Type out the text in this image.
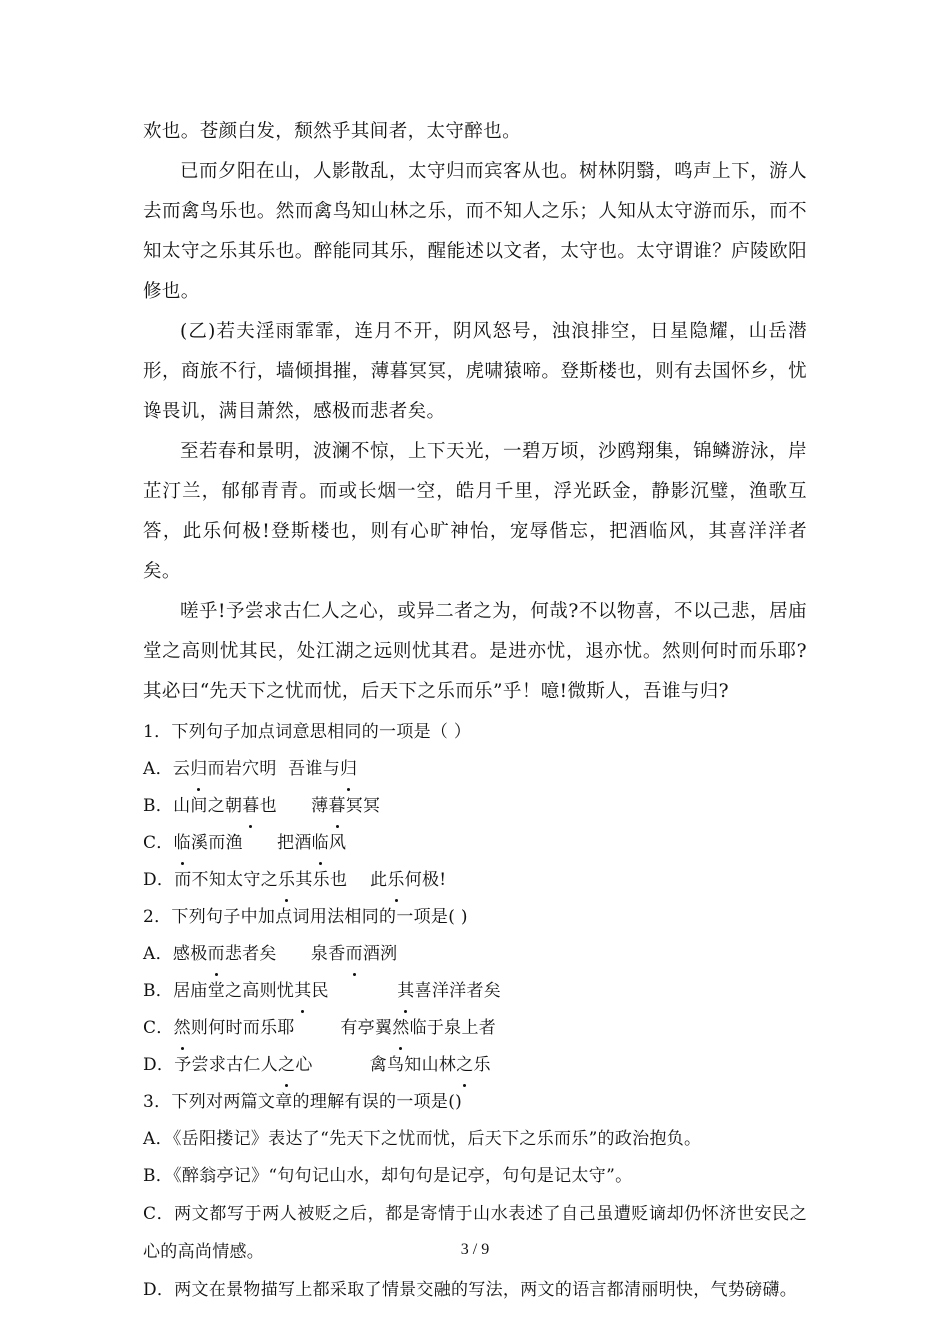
欢也。苍颜白发，颓然乎其间者，太守醉也。

已而夕阳在山，人影散乱，太守归而宾客从也。树林阴翳，鸣声上下，游人去而禽鸟乐也。然而禽鸟知山林之乐，而不知人之乐；人知从太守游而乐，而不知太守之乐其乐也。醉能同其乐，醒能述以文者，太守也。太守谓谁？庐陵欧阳修也。

(乙)若夫淫雨霏霏，连月不开，阴风怒号，浊浪排空，日星隐耀，山岳潜形，商旅不行，墙倾揖摧，薄暮冥冥，虎啸猿啼。登斯楼也，则有去国怀乡，忧谗畏讥，满目萧然，感极而悲者矣。

至若春和景明，波澜不惊，上下天光，一碧万顷，沙鸥翔集，锦鳞游泳，岸芷汀兰，郁郁青青。而或长烟一空，皓月千里，浮光跃金，静影沉璧，渔歌互答，此乐何极!登斯楼也，则有心旷神怡，宠辱偕忘，把酒临风，其喜洋洋者矣。

嗟乎!予尝求古仁人之心，或异二者之为，何哉?不以物喜，不以己悲，居庙堂之高则忧其民，处江湖之远则忧其君。是进亦忧，退亦忧。然则何时而乐耶?其必曰“先天下之忧而忧，后天下之乐而乐”乎！噫!微斯人，吾谁与归?

1．下列句子加点词意思相同的一项是（ ）

A．云归而岩穴明  吾谁与归

B．山间之朝暮也      薄暮冥冥

C．临溪而渔      把酒临风

D．而不知太守之乐其乐也    此乐何极!

2．下列句子中加点词用法相同的一项是( )

A．感极而悲者矣      泉香而酒洌

B．居庙堂之高则忧其民            其喜洋洋者矣

C．然则何时而乐耶        有亭翼然临于泉上者

D．予尝求古仁人之心          禽鸟知山林之乐

3．下列对两篇文章的理解有误的一项是()

A．《岳阳搂记》表达了“先天下之忧而忧，后天下之乐而乐”的政治抱负。

B．《醉翁亭记》“句句记山水，却句句是记亭，句句是记太守”。

C．两文都写于两人被贬之后，都是寄情于山水表述了自己虽遭贬谪却仍怀济世安民之心的高尚情感。

D．两文在景物描写上都采取了情景交融的写法，两文的语言都清丽明快，气势磅礴。

3 / 9
